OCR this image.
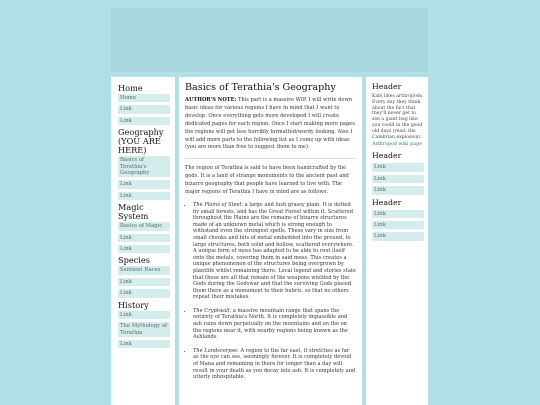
Home
Home
Link
Link
Geography (YOU ARE HERE)
Basics of Terathia's Geography
Link
Link
Magic System
Basics of Magic
Link
Link
Species
Sentient Races
Link
Link
History
Link
The Mythology of Terathia
Link
Basics of Terathia's Geography

AUTHOR'S NOTE: This part is a massive WIP. I will write down basic ideas for various regions I have in mind that I want to develop. Once everything gets more developed I will create dedicated pages for each region. Once I start making more pages the regions will get less horribly formatted/wordy looking. Also I will add more parts to the following list as I come up with ideas (you are more than free to suggest them to me).

The region of Terathia is said to have been handcrafted by the gods. It is a land of strange monuments to the ancient past and bizarre geography that people have learned to live with. The major regions of Terathia I have in mind are as follows:

• The Plains of Steel: a large and lush grassy plain. It is dotted by small forests, and has the Great Forest within it. Scattered throughout the Plains are the remains of bizarre structures made of an unknown metal which is strong enough to withstand even the strongest spells. These vary in size from small chunks and bits of metal embedded into the ground, to large structures, both solid and hollow, scattered everywhere. A unique form of moss has adapted to be able to root itself onto the metals, covering them in said moss. This creates a unique phenomenon of the structures being overgrown by plantlife whilst remaining there. Local legend and stories state that these are all that remain of the weapons wielded by the Gods during the Godswar and that the surviving Gods placed them there as a monument to their hubris, so that no others repeat their mistakes.
• The Cryptwall: a massive mountain range that spans the entirety of Terathia's North. It is completely impassible and ash rains down perpetually on the mountains and on the on the regions near it, with nearby regions being known as the Ashlands.
• The Landscorpse: A region to the far east, it stretches as far as the eye can see, seemingly forever. It is completely devoid of Mana and remaining in there for longer than a day will result in your death as you decay into ash. It is completely and utterly inhospitable.
Header
Kabi likes arthropods. Every day they think about the fact that they'll never get to see a giant bug like you could in the good old days (read: the Cambrian explosion).
Arthropod wiki page
Header
Link
Link
Link
Header
Link
Link
Link
